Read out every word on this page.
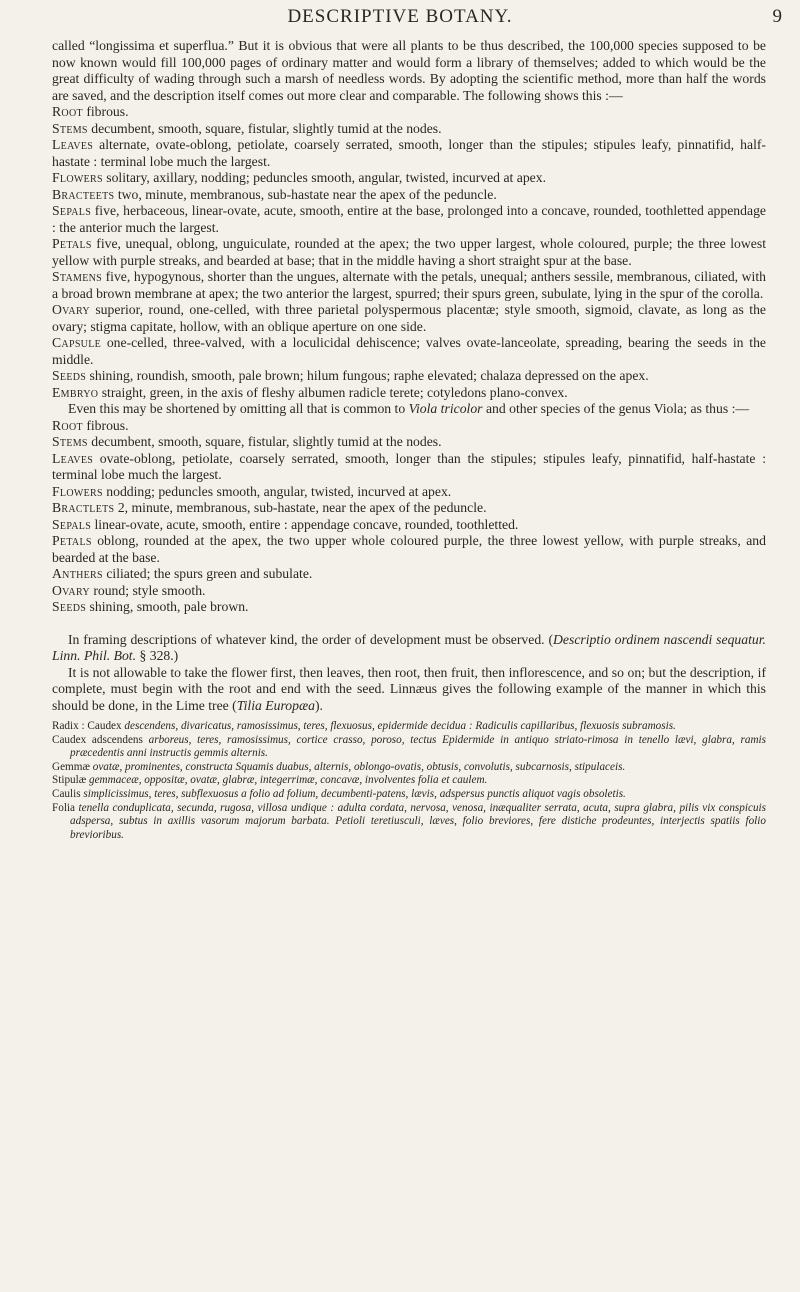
DESCRIPTIVE BOTANY.	9

called “longissima et superflua.” But it is obvious that were all plants to be thus described, the 100,000 species supposed to be now known would fill 100,000 pages of ordinary matter and would form a library of themselves; added to which would be the great difficulty of wading through such a marsh of needless words. By adopting the scientific method, more than half the words are saved, and the description itself comes out more clear and comparable. The following shows this :—

Root fibrous.

Stems decumbent, smooth, square, fistular, slightly tumid at the nodes.

Leaves alternate, ovate-oblong, petiolate, coarsely serrated, smooth, longer than the stipules; stipules leafy, pinnatifid, half-hastate : terminal lobe much the largest.

Flowers solitary, axillary, nodding; peduncles smooth, angular, twisted, incurved at apex.

Bracteets two, minute, membranous, sub-hastate near the apex of the peduncle.

Sepals five, herbaceous, linear-ovate, acute, smooth, entire at the base, prolonged into a concave, rounded, toothletted appendage : the anterior much the largest.

Petals five, unequal, oblong, unguiculate, rounded at the apex; the two upper largest, whole coloured, purple; the three lowest yellow with purple streaks, and bearded at base; that in the middle having a short straight spur at the base.

Stamens five, hypogynous, shorter than the ungues, alternate with the petals, unequal; anthers sessile, membranous, ciliated, with a broad brown membrane at apex; the two anterior the largest, spurred; their spurs green, subulate, lying in the spur of the corolla.

Ovary superior, round, one-celled, with three parietal polyspermous placentæ; style smooth, sigmoid, clavate, as long as the ovary; stigma capitate, hollow, with an oblique aperture on one side.

Capsule one-celled, three-valved, with a loculicidal dehiscence; valves ovate-lanceolate, spreading, bearing the seeds in the middle.

Seeds shining, roundish, smooth, pale brown; hilum fungous; raphe elevated; chalaza depressed on the apex.

Embryo straight, green, in the axis of fleshy albumen radicle terete; cotyledons plano-convex.

Even this may be shortened by omitting all that is common to Viola tricolor and other species of the genus Viola; as thus :—

Root fibrous.

Stems decumbent, smooth, square, fistular, slightly tumid at the nodes.

Leaves ovate-oblong, petiolate, coarsely serrated, smooth, longer than the stipules; stipules leafy, pinnatifid, half-hastate : terminal lobe much the largest.

Flowers nodding; peduncles smooth, angular, twisted, incurved at apex.

Bractlets 2, minute, membranous, sub-hastate, near the apex of the peduncle.

Sepals linear-ovate, acute, smooth, entire : appendage concave, rounded, toothletted.

Petals oblong, rounded at the apex, the two upper whole coloured purple, the three lowest yellow, with purple streaks, and bearded at the base.

Anthers ciliated; the spurs green and subulate.

Ovary round; style smooth.

Seeds shining, smooth, pale brown.

In framing descriptions of whatever kind, the order of development must be observed. (Descriptio ordinem nascendi sequatur. Linn. Phil. Bot. § 328.)

It is not allowable to take the flower first, then leaves, then root, then fruit, then inflorescence, and so on; but the description, if complete, must begin with the root and end with the seed. Linnæus gives the following example of the manner in which this should be done, in the Lime tree (Tilia Europæa).

Radix : Caudex descendens, divaricatus, ramosissimus, teres, flexuosus, epidermide decidua : Radiculis capillaribus, flexuosis subramosis.

Caudex adscendens arboreus, teres, ramosissimus, cortice crasso, poroso, tectus Epidermide in antiquo striato-rimosa in tenello lævi, glabra, ramis præcedentis anni instructis gemmis alternis.

Gemmæ ovatæ, prominentes, constructa Squamis duabus, alternis, oblongo-ovatis, obtusis, convolutis, subcarnosis, stipulaceis.

Stipulæ gemmaceæ, oppositæ, ovatæ, glabræ, integerrimæ, concavæ, involventes folia et caulem.

Caulis simplicissimus, teres, subflexuosus a folio ad folium, decumbenti-patens, lævis, adspersus punctis aliquot vagis obsoletis.

Folia tenella conduplicata, secunda, rugosa, villosa undique : adulta cordata, nervosa, venosa, inæqualiter serrata, acuta, supra glabra, pilis vix conspicuis adspersa, subtus in axillis vasorum majorum barbata. Petioli teretiusculi, læves, folio breviores, fere distiche prodeuntes, interjectis spatiis folio brevioribus.
